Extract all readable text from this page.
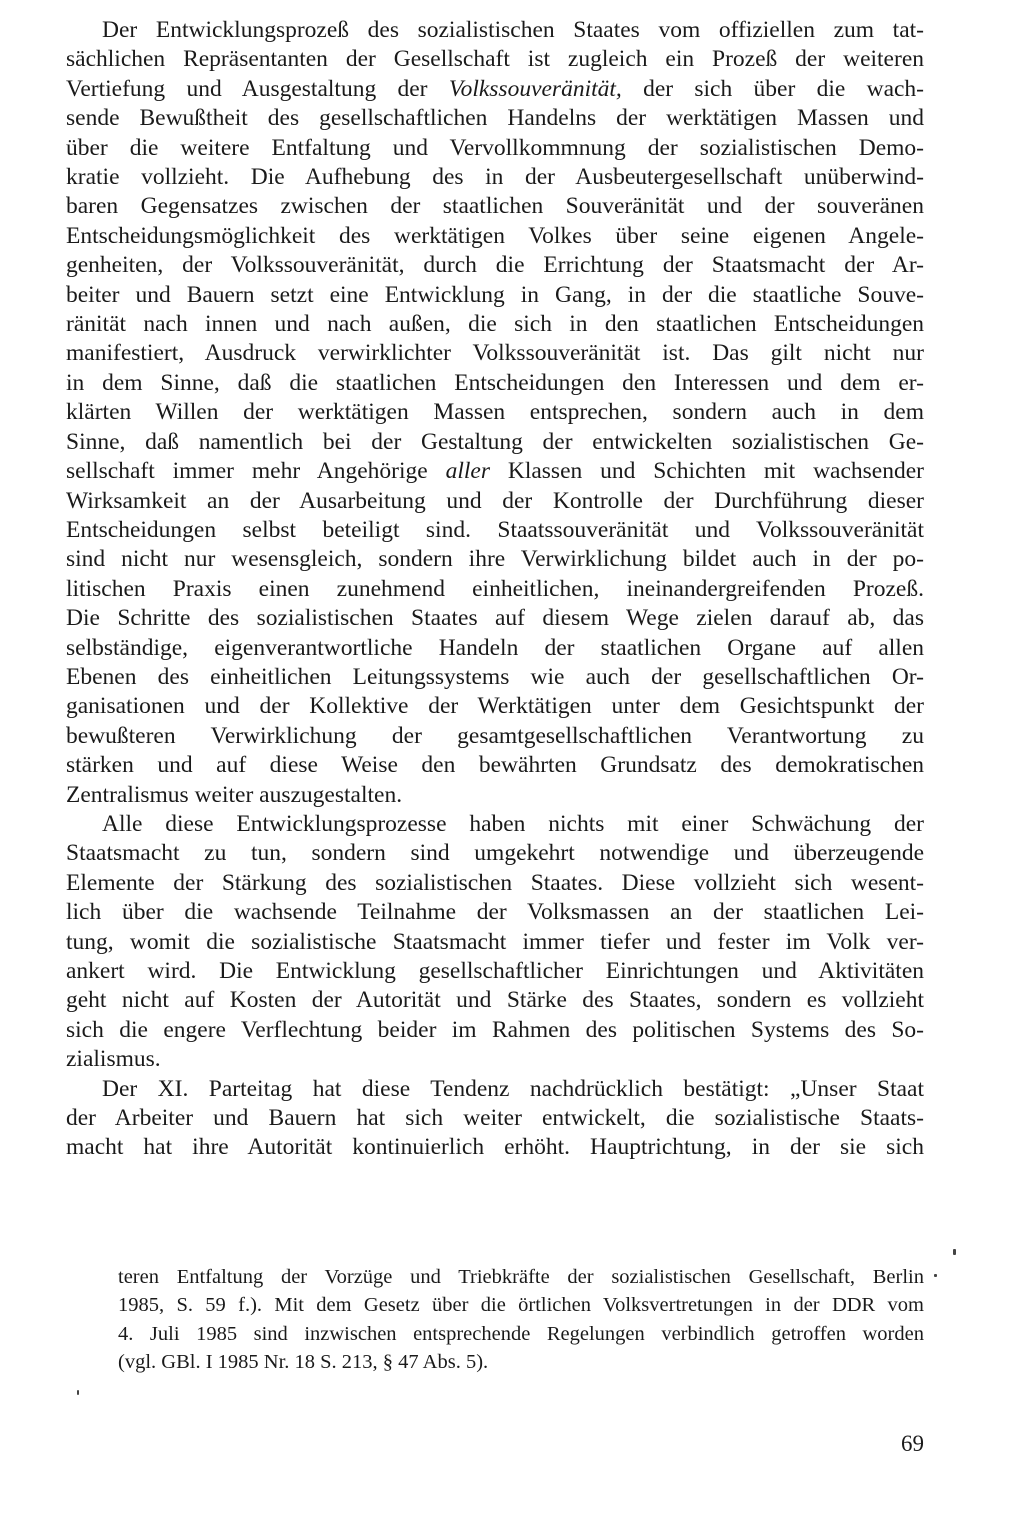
Der Entwicklungsprozeß des sozialistischen Staates vom offiziellen zum tat-
sächlichen Repräsentanten der Gesellschaft ist zugleich ein Prozeß der weiteren
Vertiefung und Ausgestaltung der Volkssouveränität, der sich über die wach-
sende Bewußtheit des gesellschaftlichen Handelns der werktätigen Massen und
über die weitere Entfaltung und Vervollkommnung der sozialistischen Demo-
kratie vollzieht. Die Aufhebung des in der Ausbeutergesellschaft unüberwind-
baren Gegensatzes zwischen der staatlichen Souveränität und der souveränen
Entscheidungsmöglichkeit des werktätigen Volkes über seine eigenen Angele-
genheiten, der Volkssouveränität, durch die Errichtung der Staatsmacht der Ar-
beiter und Bauern setzt eine Entwicklung in Gang, in der die staatliche Souve-
ränität nach innen und nach außen, die sich in den staatlichen Entscheidungen
manifestiert, Ausdruck verwirklichter Volkssouveränität ist. Das gilt nicht nur
in dem Sinne, daß die staatlichen Entscheidungen den Interessen und dem er-
klärten Willen der werktätigen Massen entsprechen, sondern auch in dem
Sinne, daß namentlich bei der Gestaltung der entwickelten sozialistischen Ge-
sellschaft immer mehr Angehörige aller Klassen und Schichten mit wachsender
Wirksamkeit an der Ausarbeitung und der Kontrolle der Durchführung dieser
Entscheidungen selbst beteiligt sind. Staatssouveränität und Volkssouveränität
sind nicht nur wesensgleich, sondern ihre Verwirklichung bildet auch in der po-
litischen Praxis einen zunehmend einheitlichen, ineinandergreifenden Prozeß.
Die Schritte des sozialistischen Staates auf diesem Wege zielen darauf ab, das
selbständige, eigenverantwortliche Handeln der staatlichen Organe auf allen
Ebenen des einheitlichen Leitungssystems wie auch der gesellschaftlichen Or-
ganisationen und der Kollektive der Werktätigen unter dem Gesichtspunkt der
bewußteren Verwirklichung der gesamtgesellschaftlichen Verantwortung zu
stärken und auf diese Weise den bewährten Grundsatz des demokratischen
Zentralismus weiter auszugestalten.

Alle diese Entwicklungsprozesse haben nichts mit einer Schwächung der
Staatsmacht zu tun, sondern sind umgekehrt notwendige und überzeugende
Elemente der Stärkung des sozialistischen Staates. Diese vollzieht sich wesent-
lich über die wachsende Teilnahme der Volksmassen an der staatlichen Lei-
tung, womit die sozialistische Staatsmacht immer tiefer und fester im Volk ver-
ankert wird. Die Entwicklung gesellschaftlicher Einrichtungen und Aktivitäten
geht nicht auf Kosten der Autorität und Stärke des Staates, sondern es vollzieht
sich die engere Verflechtung beider im Rahmen des politischen Systems des So-
zialismus.

Der XI. Parteitag hat diese Tendenz nachdrücklich bestätigt: „Unser Staat
der Arbeiter und Bauern hat sich weiter entwickelt, die sozialistische Staats-
macht hat ihre Autorität kontinuierlich erhöht. Hauptrichtung, in der sie sich

teren Entfaltung der Vorzüge und Triebkräfte der sozialistischen Gesellschaft, Berlin
1985, S. 59 f.). Mit dem Gesetz über die örtlichen Volksvertretungen in der DDR vom
4. Juli 1985 sind inzwischen entsprechende Regelungen verbindlich getroffen worden
(vgl. GBl. I 1985 Nr. 18 S. 213, § 47 Abs. 5).
69
